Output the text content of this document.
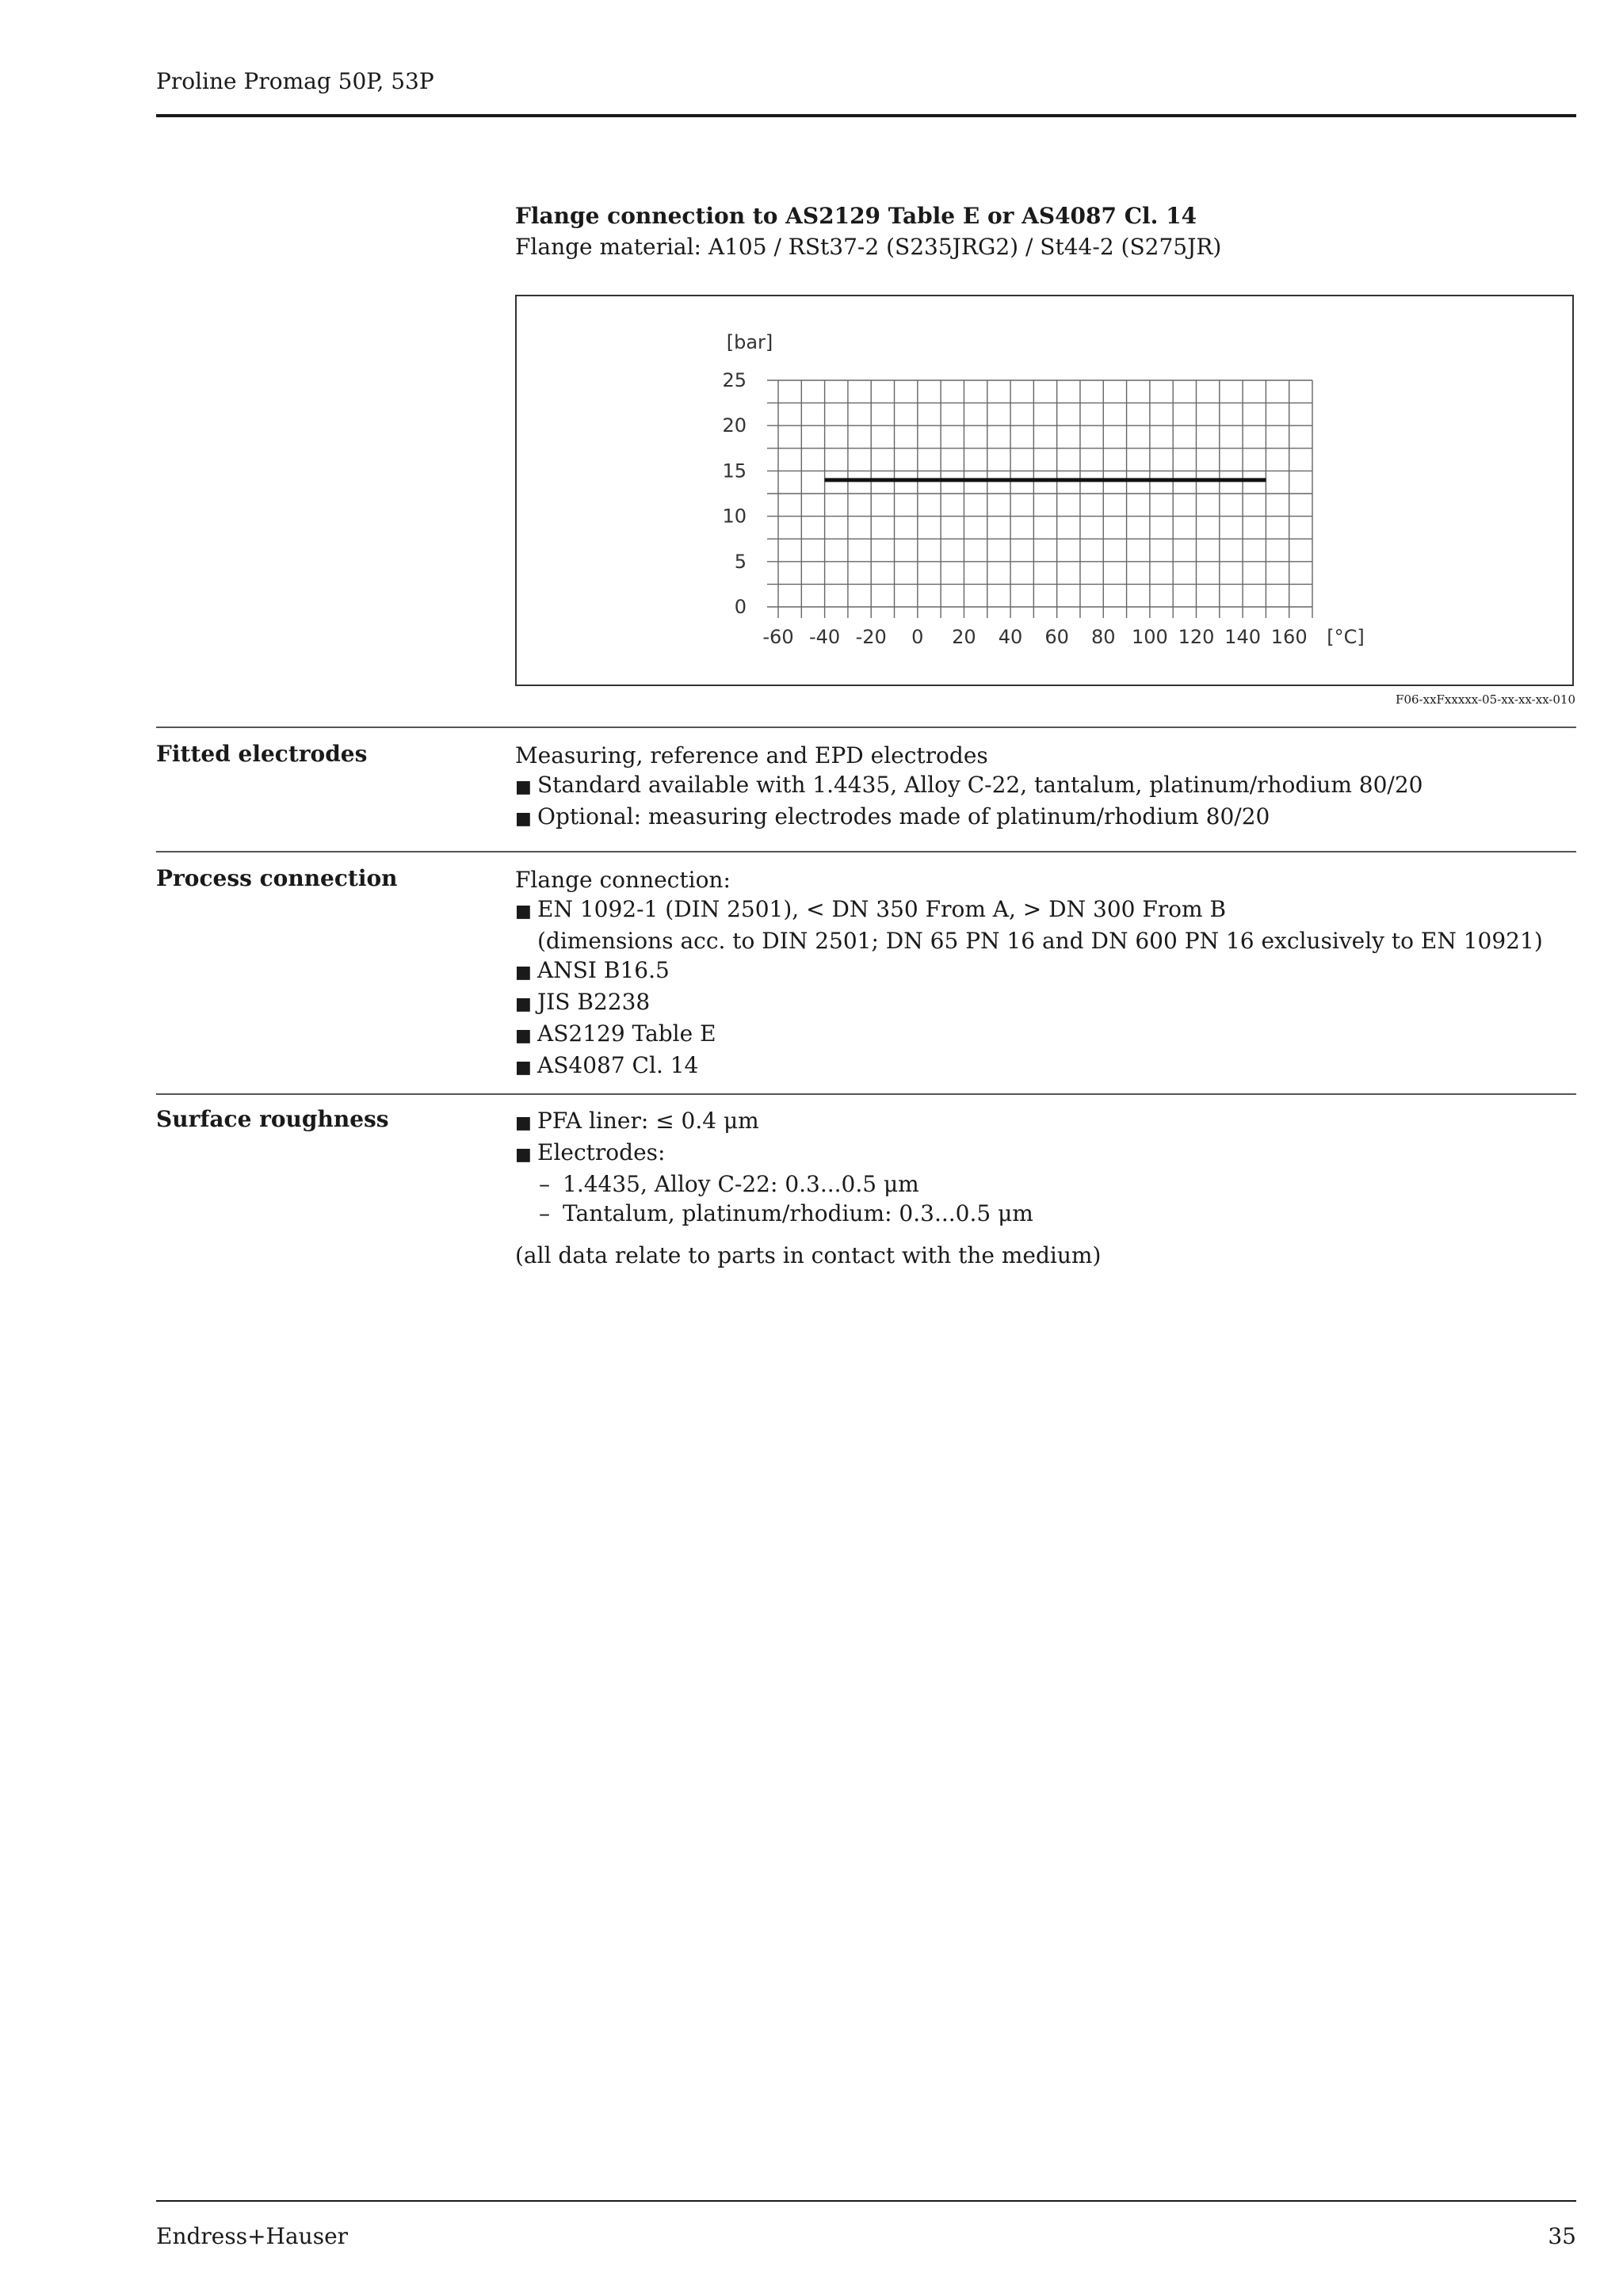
Proline Promag 50P, 53P
Flange connection to AS2129 Table E or AS4087 Cl. 14
Flange material: A105 / RSt37-2 (S235JRG2) / St44-2 (S275JR)
0
5
10
15
20
25
-60 -40 -20 0 20 40 60 80 100 120 140 160
[bar]
[°C]
F06-xxFxxxxx-05-xx-xx-xx-010
Fitted electrodes	Measuring, reference and EPD electrodes
■ Standard available with 1.4435, Alloy C-22, tantalum, platinum/rhodium 80/20
■ Optional: measuring electrodes made of platinum/rhodium 80/20
Process connection	Flange connection:
■ EN 1092-1 (DIN 2501), < DN 350 From A, > DN 300 From B
(dimensions acc. to DIN 2501; DN 65 PN 16 and DN 600 PN 16 exclusively to EN 10921)
■ ANSI B16.5
■ JIS B2238
■ AS2129 Table E
■ AS4087 Cl. 14
Surface roughness	■ PFA liner: ≤ 0.4 μm
■ Electrodes:
– 1.4435, Alloy C-22: 0.3...0.5 μm
– Tantalum, platinum/rhodium: 0.3...0.5 μm
(all data relate to parts in contact with the medium)
Endress+Hauser	35
